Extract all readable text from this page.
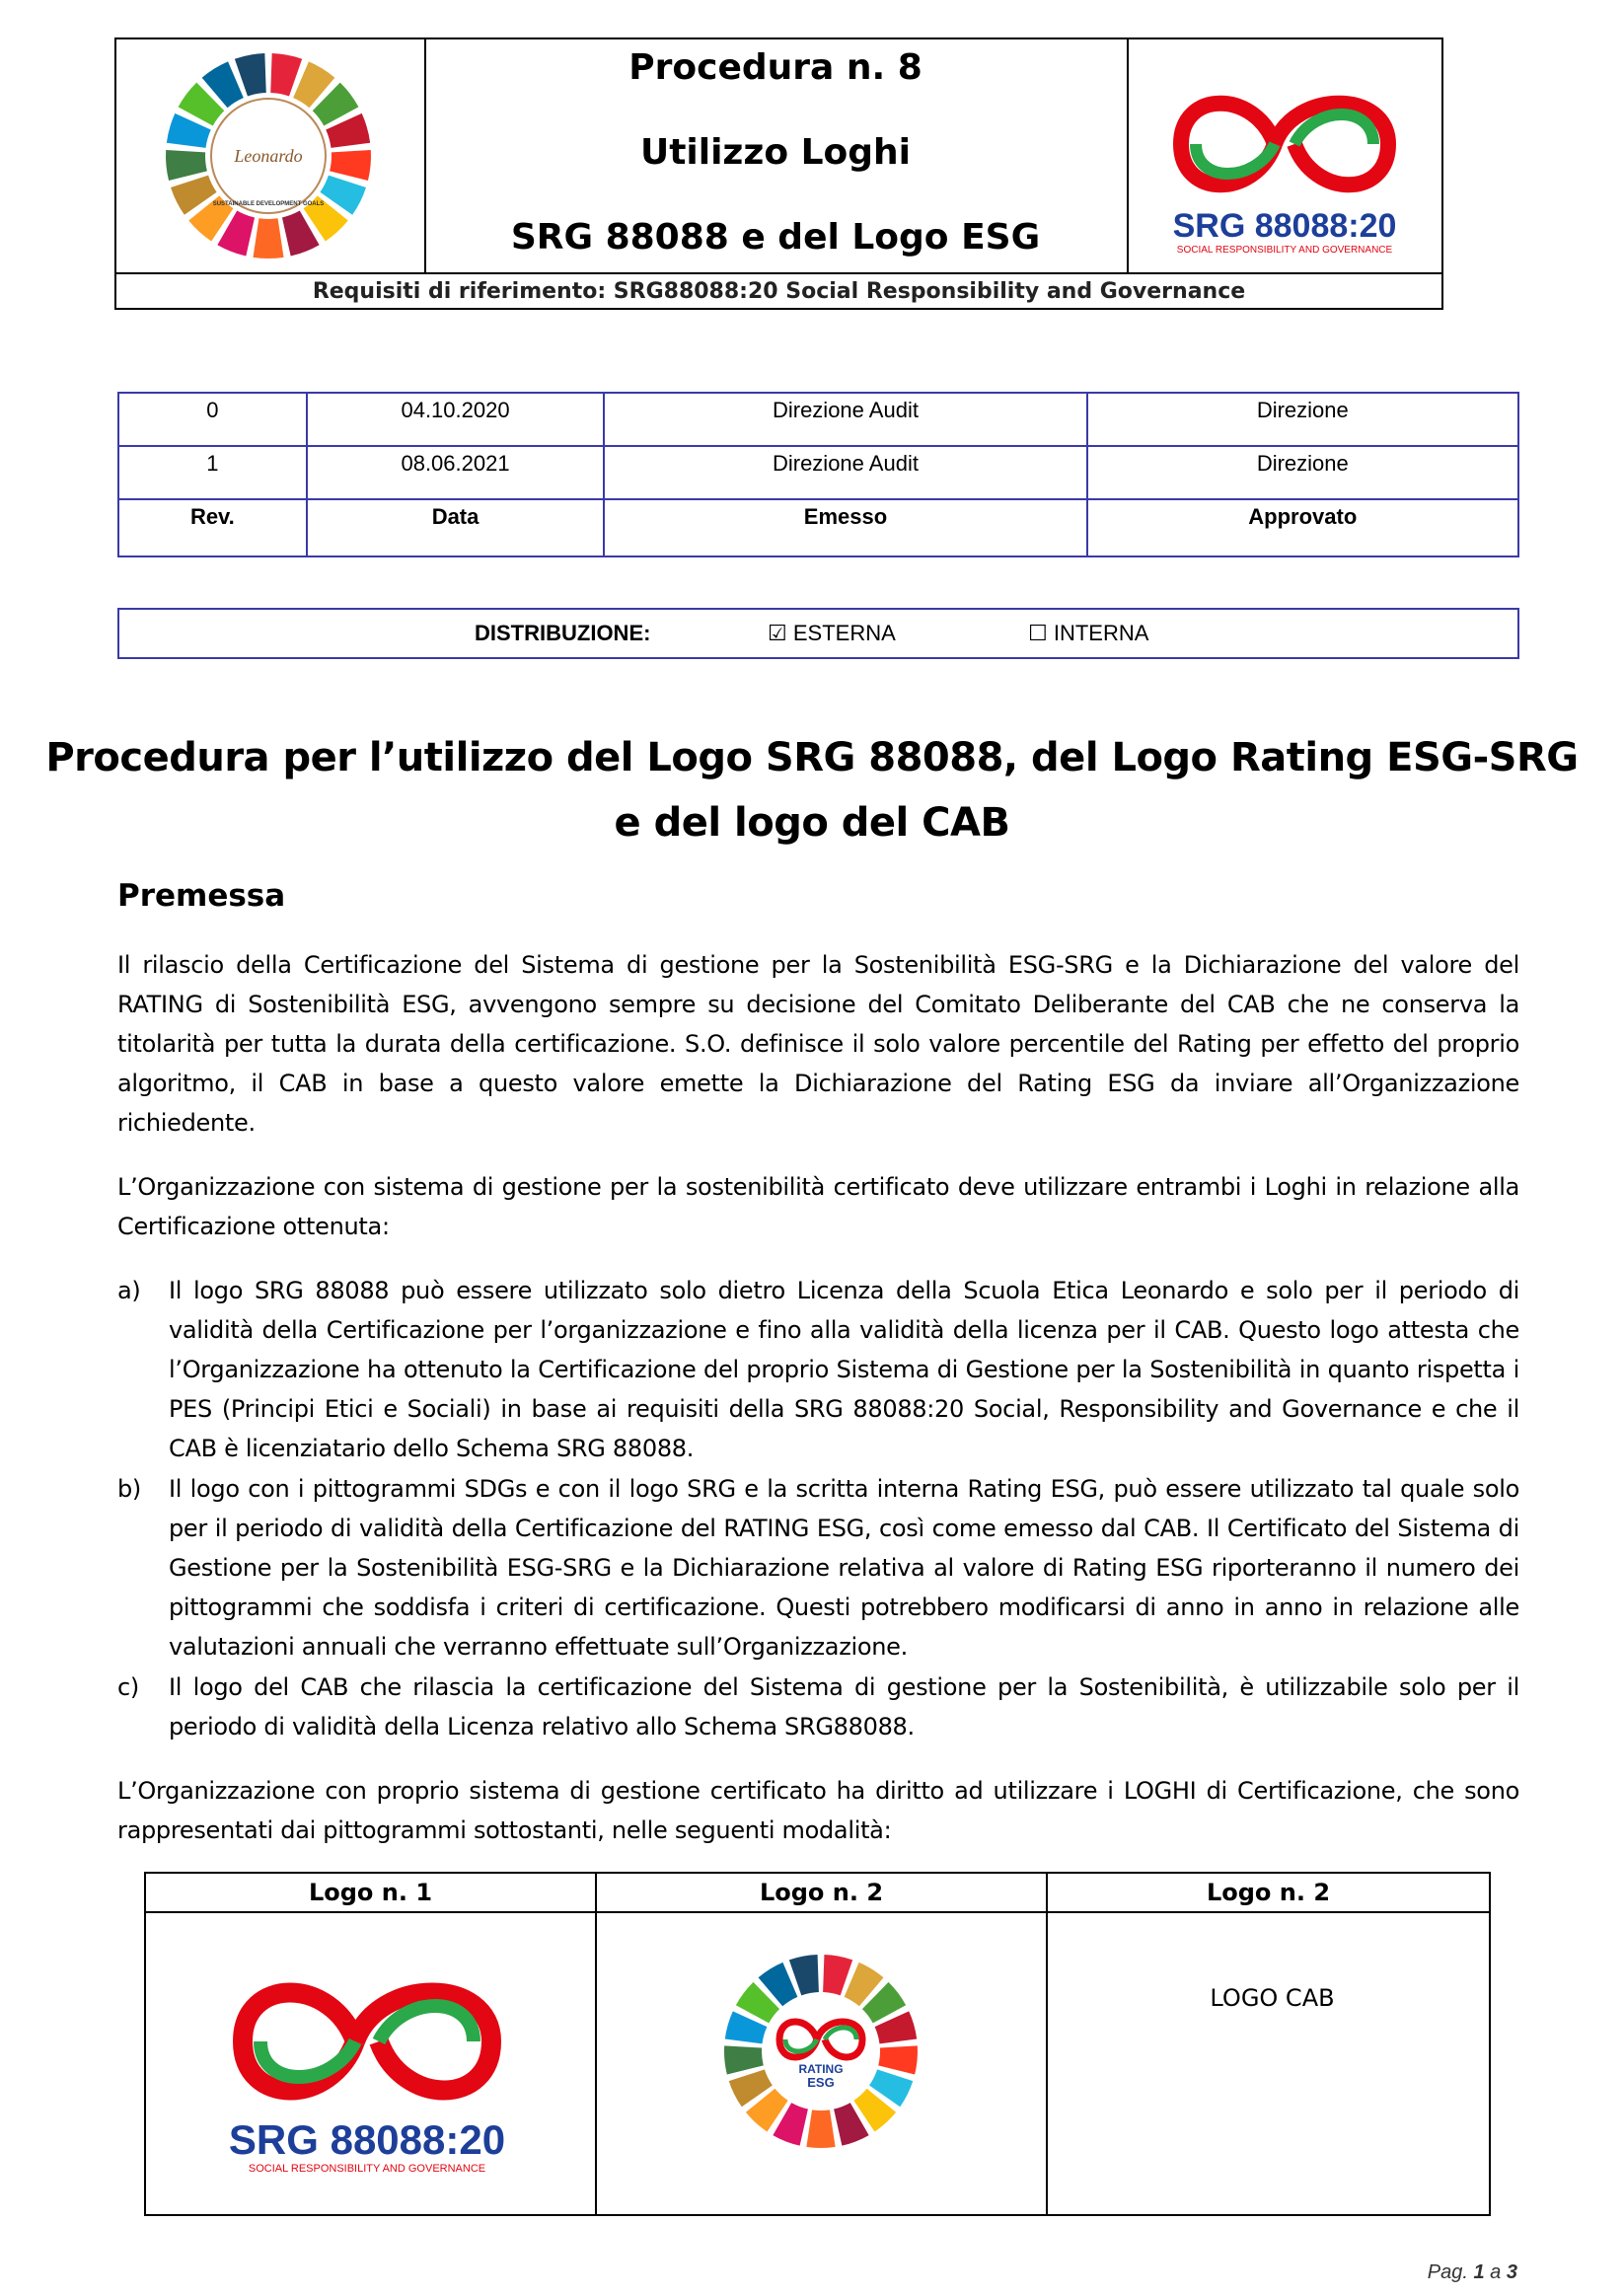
Leonardo
SUSTAINABLE DEVELOPMENT GOALS
Procedura n. 8
Utilizzo Loghi
SRG 88088 e del Logo ESG	SRG 88088:20
SOCIAL RESPONSIBILITY AND GOVERNANCE
Requisiti di riferimento: SRG88088:20 Social Responsibility and Governance
0	04.10.2020	Direzione Audit	Direzione
1	08.06.2021	Direzione Audit	Direzione
Rev.	Data	Emesso	Approvato
DISTRIBUZIONE:	☑ ESTERNA	☐ INTERNA
Procedura per l’utilizzo del Logo SRG 88088, del Logo Rating ESG-SRG
e del logo del CAB
Premessa
Il rilascio della Certificazione del Sistema di gestione per la Sostenibilità ESG-SRG e la Dichiarazione del valore del RATING di Sostenibilità ESG, avvengono sempre su decisione del Comitato Deliberante del CAB che ne conserva la titolarità per tutta la durata della certificazione. S.O. definisce il solo valore percentile del Rating per effetto del proprio algoritmo, il CAB in base a questo valore emette la Dichiarazione del Rating ESG da inviare all’Organizzazione richiedente.
L’Organizzazione con sistema di gestione per la sostenibilità certificato deve utilizzare entrambi i Loghi in relazione alla Certificazione ottenuta:
a) Il logo SRG 88088 può essere utilizzato solo dietro Licenza della Scuola Etica Leonardo e solo per il periodo di validità della Certificazione per l’organizzazione e fino alla validità della licenza per il CAB. Questo logo attesta che l’Organizzazione ha ottenuto la Certificazione del proprio Sistema di Gestione per la Sostenibilità in quanto rispetta i PES (Principi Etici e Sociali) in base ai requisiti della SRG 88088:20 Social, Responsibility and Governance e che il CAB è licenziatario dello Schema SRG 88088.
b) Il logo con i pittogrammi SDGs e con il logo SRG e la scritta interna Rating ESG, può essere utilizzato tal quale solo per il periodo di validità della Certificazione del RATING ESG, così come emesso dal CAB. Il Certificato del Sistema di Gestione per la Sostenibilità ESG-SRG e la Dichiarazione relativa al valore di Rating ESG riporteranno il numero dei pittogrammi che soddisfa i criteri di certificazione. Questi potrebbero modificarsi di anno in anno in relazione alle valutazioni annuali che verranno effettuate sull’Organizzazione.
c) Il logo del CAB che rilascia la certificazione del Sistema di gestione per la Sostenibilità, è utilizzabile solo per il periodo di validità della Licenza relativo allo Schema SRG88088.
L’Organizzazione con proprio sistema di gestione certificato ha diritto ad utilizzare i LOGHI di Certificazione, che sono rappresentati dai pittogrammi sottostanti, nelle seguenti modalità:
Logo n. 1	Logo n. 2	Logo n. 2

SRG 88088:20
SOCIAL RESPONSIBILITY AND GOVERNANCE	RATING
ESG	LOGO CAB
Pag. 1 a 3
